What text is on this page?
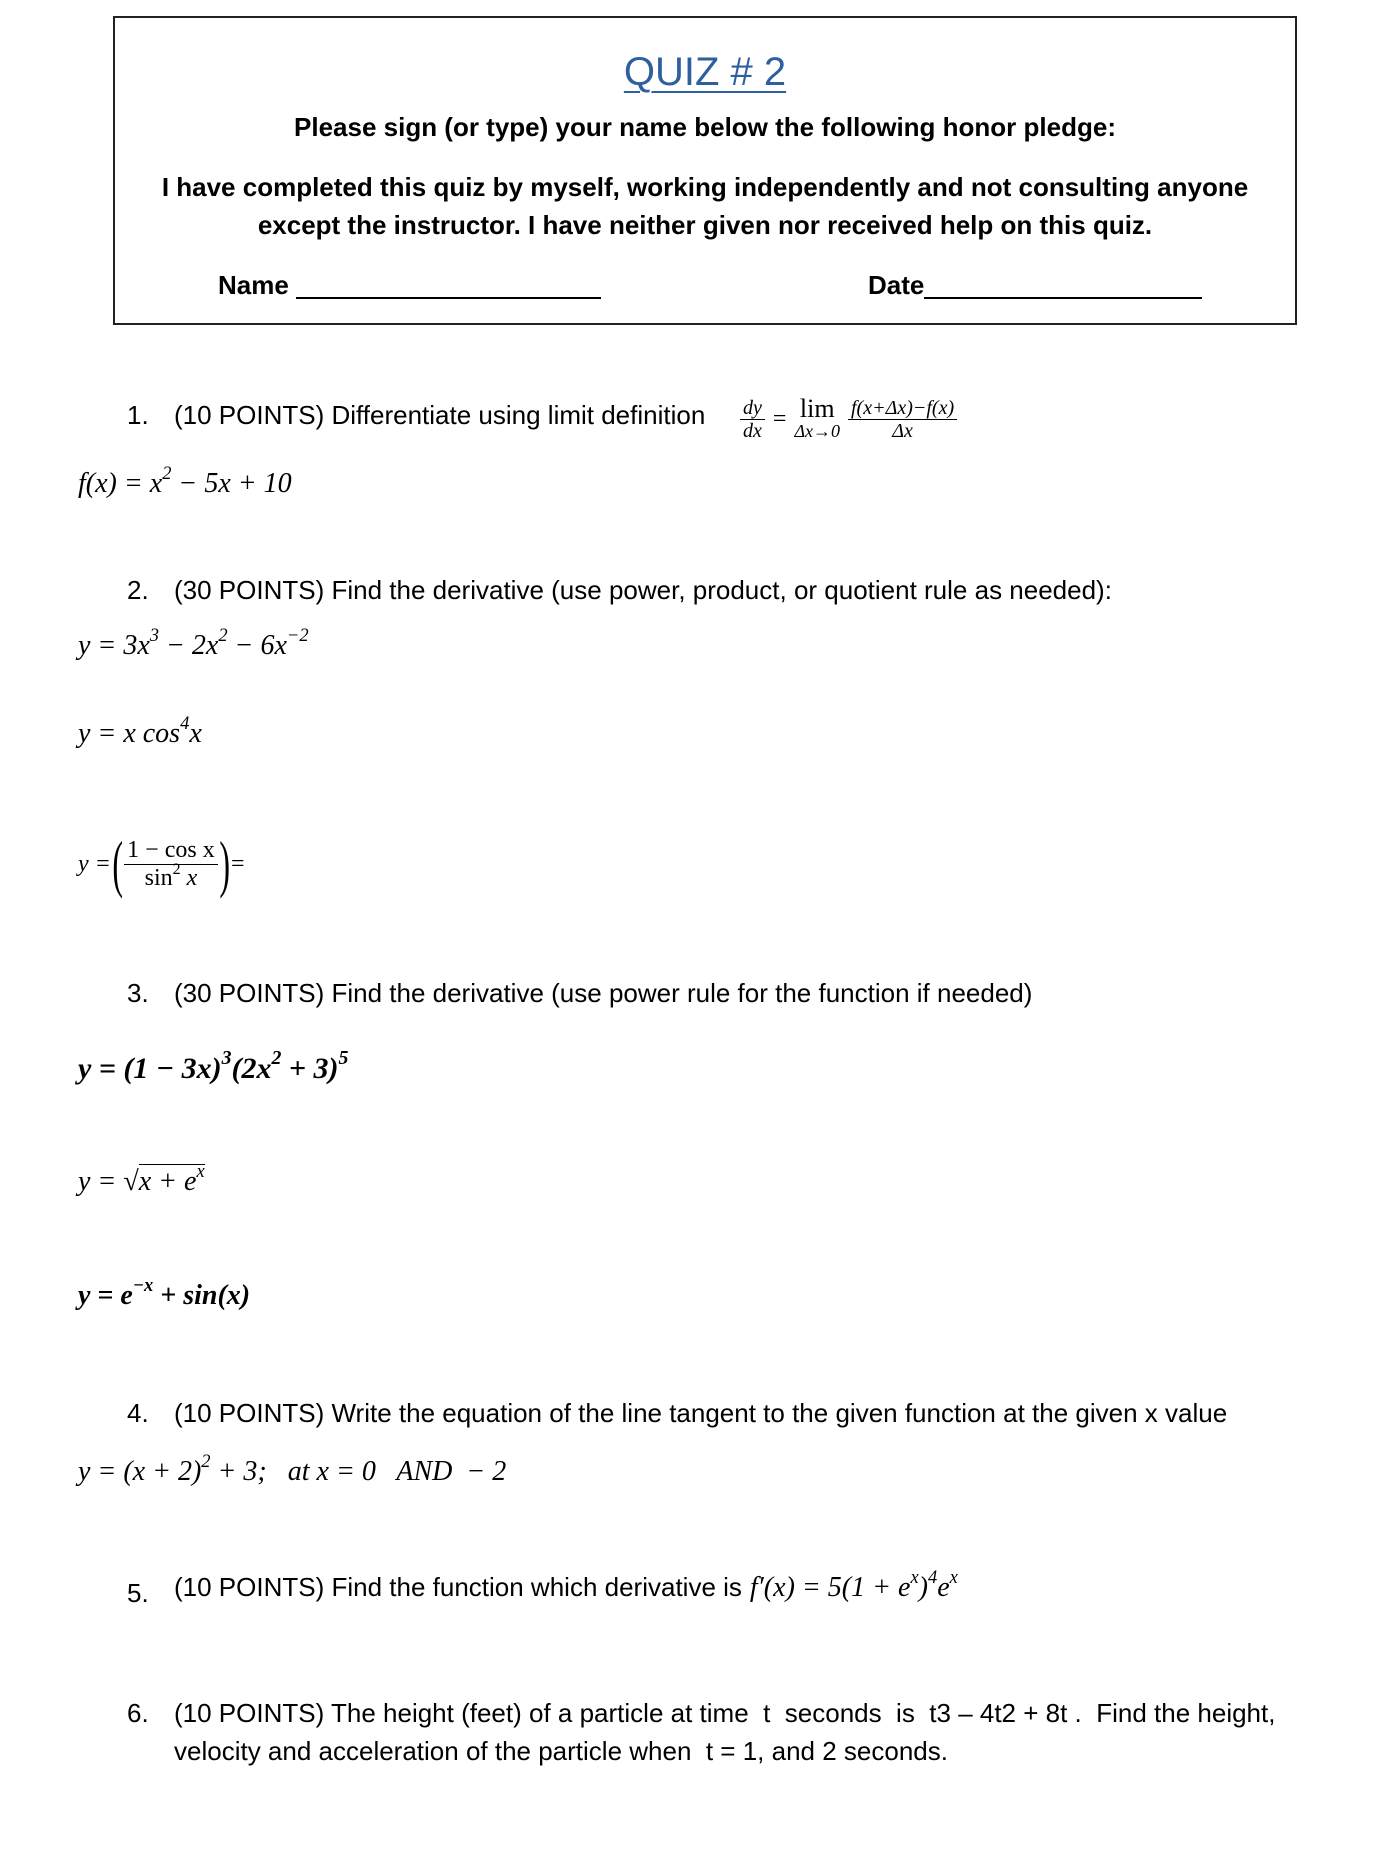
QUIZ # 2
Please sign (or type) your name below the following honor pledge:
I have completed this quiz by myself, working independently and not consulting anyone
except the instructor. I have neither given nor received help on this quiz.
Name	Date
1. (10 POINTS) Differentiate using limit definition $\frac{dy}{dx} = \lim$
$\Delta x\to 0 \frac{f(x+\Delta x)-f(x)}{\Delta x}$
$f(x) = x^2 - 5x + 10$
2. (30 POINTS) Find the derivative (use power, product, or quotient rule as needed):
$y = 3x^3 - 2x^2 - 6x^{-2}$
y = x $\cos^4x$
y = ( $\frac{\text{1 − cos x}}{\sin^2 x}$ ) =
3. (30 POINTS) Find the derivative (use power rule for the function if needed)
$y = (1 - 3x)^3(2x^2 + 3)^5$
$y = √x + e^x$
$y = e^{-x} + \sin(x)$
4. (10 POINTS) Write the equation of the line tangent to the given function at the given x value
$y = (x + 2)^2 + 3$;   at x = 0   AND  − 2
5. (10 POINTS) Find the function which derivative is $f'(x) = 5(1 + e^x)^4e^x$
6. (10 POINTS) The height (feet) of a particle at time  t  seconds  is  t3 – 4t2 + 8t .  Find the height,
velocity and acceleration of the particle when  t = 1, and 2 seconds.
